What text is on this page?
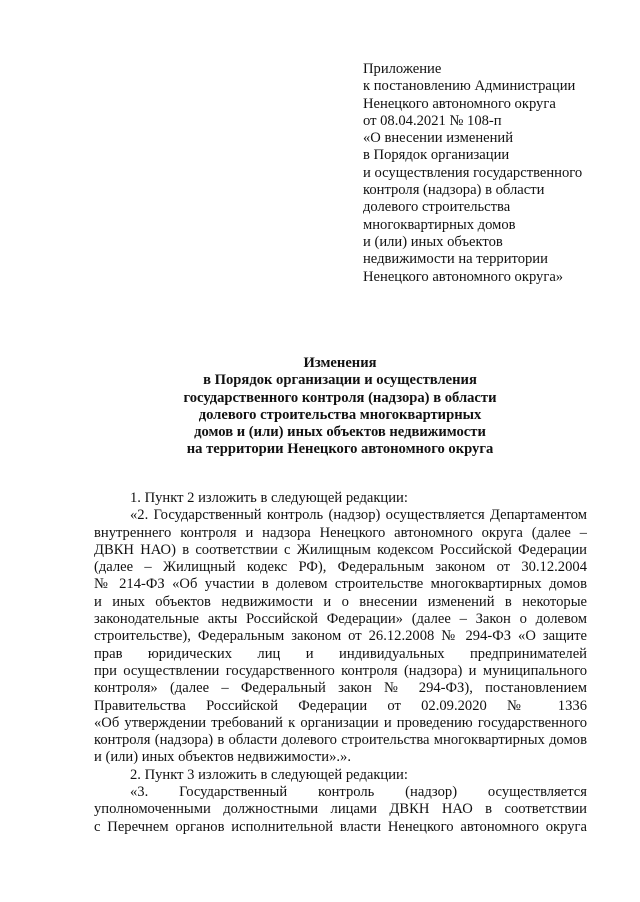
Приложение
к постановлению Администрации
Ненецкого автономного округа
от 08.04.2021 № 108-п
«О внесении изменений
в Порядок организации
и осуществления государственного
контроля (надзора) в области
долевого строительства
многоквартирных домов
и (или) иных объектов
недвижимости на территории
Ненецкого автономного округа»
Изменения
в Порядок организации и осуществления
государственного контроля (надзора) в области
долевого строительства многоквартирных
домов и (или) иных объектов недвижимости
на территории Ненецкого автономного округа
1. Пункт 2 изложить в следующей редакции:
«2. Государственный контроль (надзор) осуществляется Департаментом
внутреннего контроля и надзора Ненецкого автономного округа (далее –
ДВКН НАО) в соответствии с Жилищным кодексом Российской Федерации
(далее – Жилищный кодекс РФ), Федеральным законом от 30.12.2004
№ 214-ФЗ «Об участии в долевом строительстве многоквартирных домов
и иных объектов недвижимости и о внесении изменений в некоторые
законодательные акты Российской Федерации» (далее – Закон о долевом
строительстве), Федеральным законом от 26.12.2008 № 294-ФЗ «О защите
прав юридических лиц и индивидуальных предпринимателей
при осуществлении государственного контроля (надзора) и муниципального
контроля» (далее – Федеральный закон № 294-ФЗ), постановлением
Правительства Российской Федерации от 02.09.2020 № 1336
«Об утверждении требований к организации и проведению государственного
контроля (надзора) в области долевого строительства многоквартирных домов
и (или) иных объектов недвижимости».».
2. Пункт 3 изложить в следующей редакции:
«3. Государственный контроль (надзор) осуществляется
уполномоченными должностными лицами ДВКН НАО в соответствии
с Перечнем органов исполнительной власти Ненецкого автономного округа
